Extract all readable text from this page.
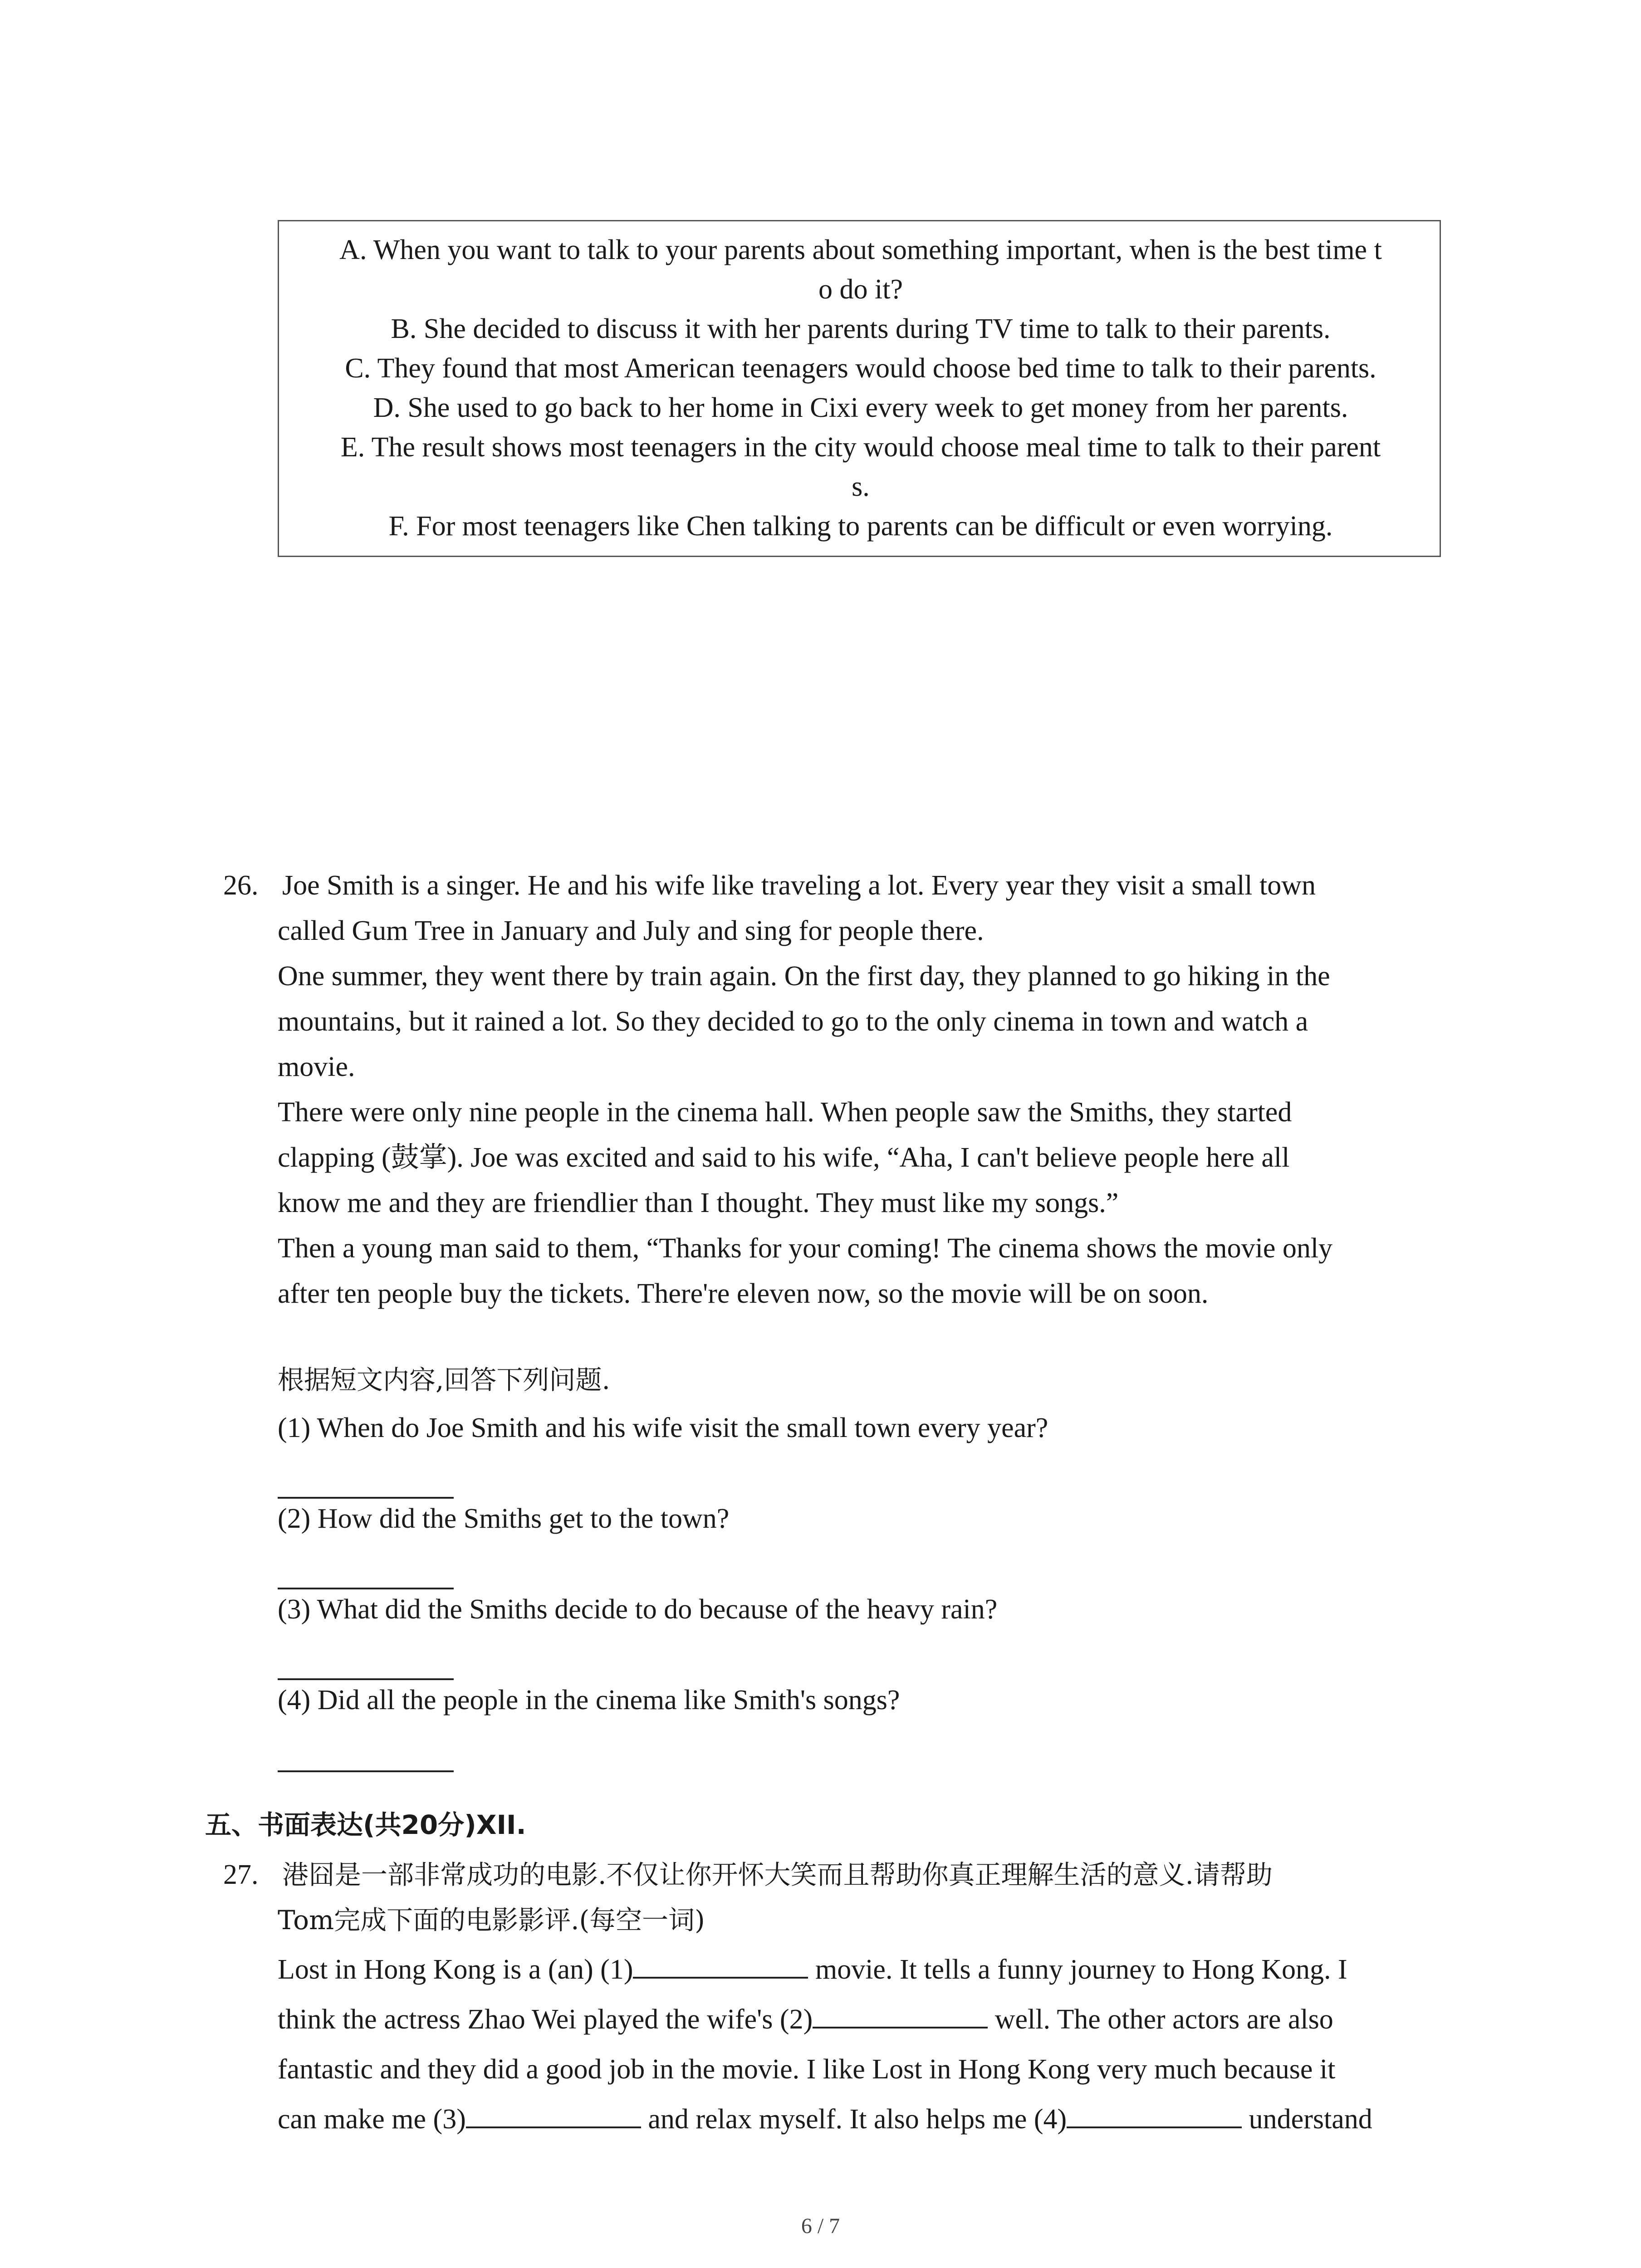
A. When you want to talk to your parents about something important, when is the best time t
o do it?
B. She decided to discuss it with her parents during TV time to talk to their parents.
C. They found that most American teenagers would choose bed time to talk to their parents.
D. She used to go back to her home in Cixi every week to get money from her parents.
E. The result shows most teenagers in the city would choose meal time to talk to their parent
s.
F. For most teenagers like Chen talking to parents can be difficult or even worrying.
26. Joe Smith is a singer. He and his wife like traveling a lot. Every year they visit a small town
called Gum Tree in January and July and sing for people there.
One summer, they went there by train again. On the first day, they planned to go hiking in the
mountains, but it rained a lot. So they decided to go to the only cinema in town and watch a
movie.
There were only nine people in the cinema hall. When people saw the Smiths, they started
clapping (鼓掌). Joe was excited and said to his wife, “Aha, I can't believe people here all
know me and they are friendlier than I thought. They must like my songs.”
Then a young man said to them, “Thanks for your coming! The cinema shows the movie only
after ten people buy the tickets. There're eleven now, so the movie will be on soon.
根据短文内容,回答下列问题.
(1) When do Joe Smith and his wife visit the small town every year?
(2) How did the Smiths get to the town?
(3) What did the Smiths decide to do because of the heavy rain?
(4) Did all the people in the cinema like Smith's songs?
五、书面表达(共20分)XII.
27. 港囧是一部非常成功的电影.不仅让你开怀大笑而且帮助你真正理解生活的意义.请帮助
Tom完成下面的电影影评.(每空一词)
Lost in Hong Kong is a (an) (1)	movie. It tells a funny journey to Hong Kong. I
think the actress Zhao Wei played the wife's (2)	well. The other actors are also
fantastic and they did a good job in the movie. I like Lost in Hong Kong very much because it
can make me (3)	and relax myself. It also helps me (4)	understand
6 / 7
